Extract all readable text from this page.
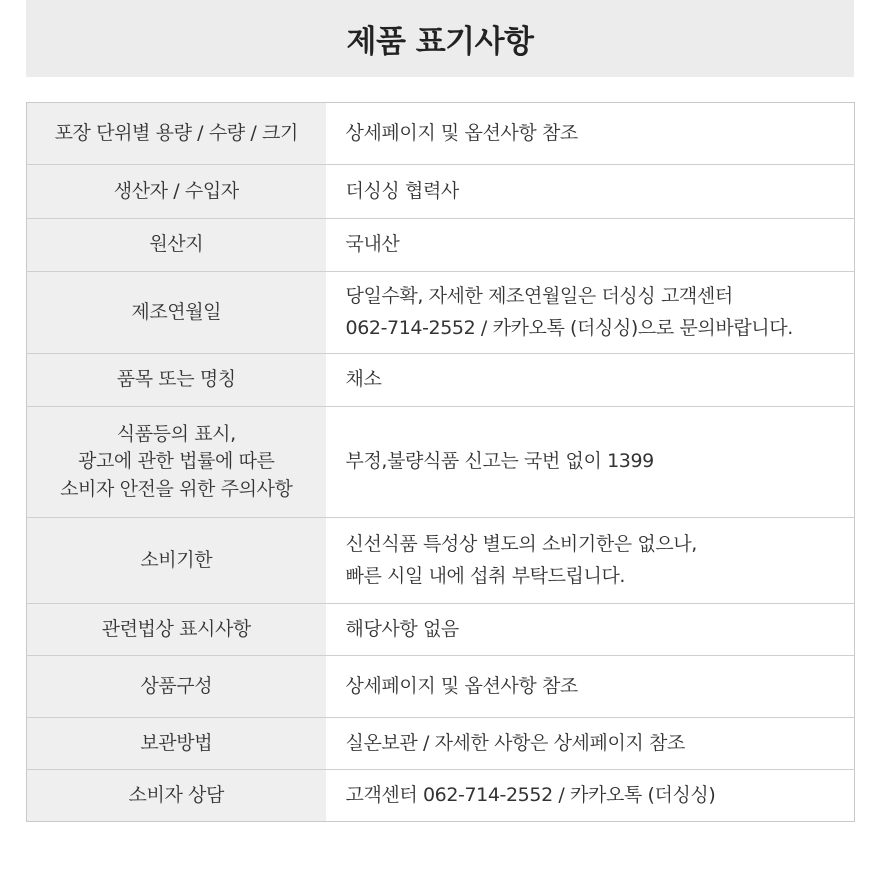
제품 표기사항
포장 단위별 용량 / 수량 / 크기	상세페이지 및 옵션사항 참조
생산자 / 수입자	더싱싱 협력사
원산지	국내산
제조연월일	당일수확, 자세한 제조연월일은 더싱싱 고객센터
062-714-2552 / 카카오톡 (더싱싱)으로 문의바랍니다.
품목 또는 명칭	채소
식품등의 표시,
광고에 관한 법률에 따른
소비자 안전을 위한 주의사항	부정,불량식품 신고는 국번 없이 1399
소비기한	신선식품 특성상 별도의 소비기한은 없으나,
빠른 시일 내에 섭취 부탁드립니다.
관련법상 표시사항	해당사항 없음
상품구성	상세페이지 및 옵션사항 참조
보관방법	실온보관 / 자세한 사항은 상세페이지 참조
소비자 상담	고객센터 062-714-2552 / 카카오톡 (더싱싱)
